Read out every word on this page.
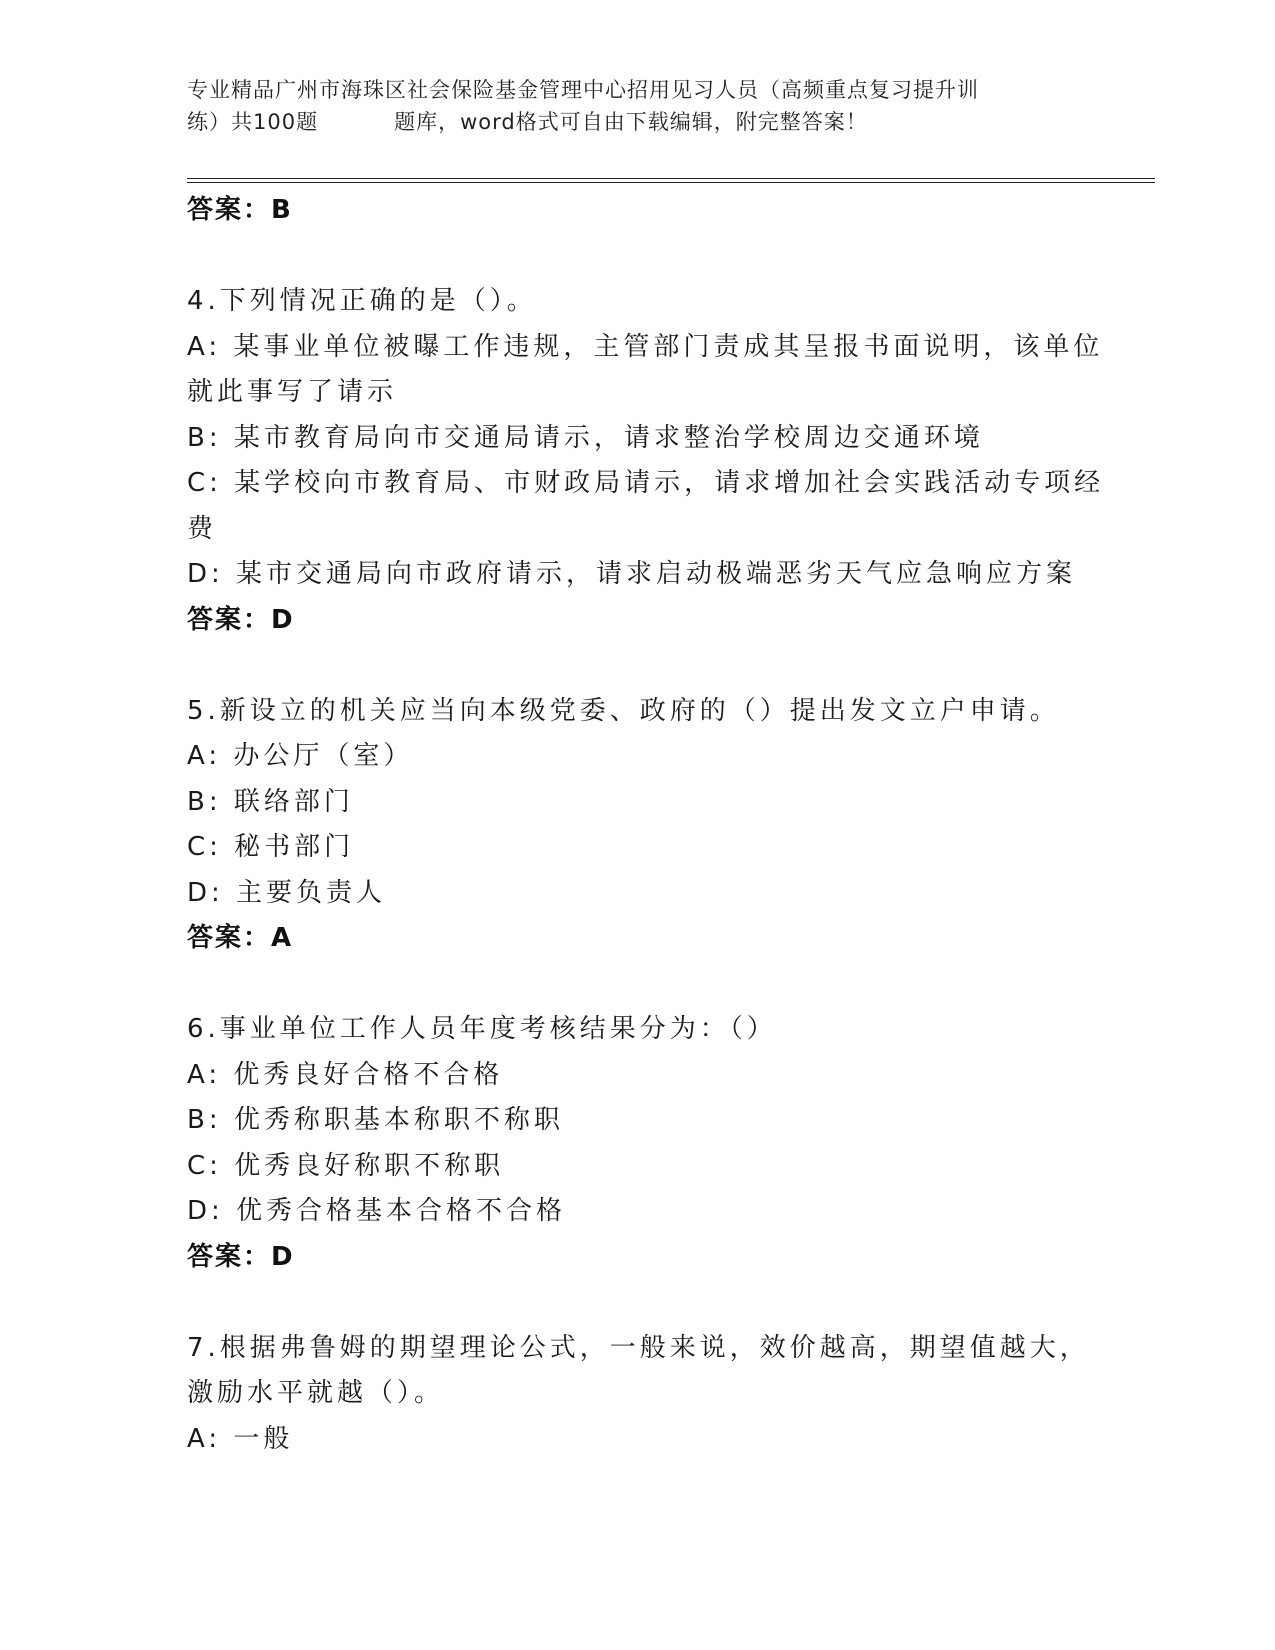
专业精品广州市海珠区社会保险基金管理中心招用见习人员（高频重点复习提升训
练）共100题	题库，word格式可自由下载编辑，附完整答案！
答案：B
4.下列情况正确的是（）。
A: 某事业单位被曝工作违规，主管部门责成其呈报书面说明，该单位
就此事写了请示
B: 某市教育局向市交通局请示，请求整治学校周边交通环境
C: 某学校向市教育局、市财政局请示，请求增加社会实践活动专项经
费
D: 某市交通局向市政府请示，请求启动极端恶劣天气应急响应方案
答案：D
5.新设立的机关应当向本级党委、政府的（）提出发文立户申请。
A: 办公厅（室）
B: 联络部门
C: 秘书部门
D: 主要负责人
答案：A
6.事业单位工作人员年度考核结果分为：（）
A: 优秀良好合格不合格
B: 优秀称职基本称职不称职
C: 优秀良好称职不称职
D: 优秀合格基本合格不合格
答案：D
7.根据弗鲁姆的期望理论公式，一般来说，效价越高，期望值越大，
激励水平就越（）。
A: 一般
